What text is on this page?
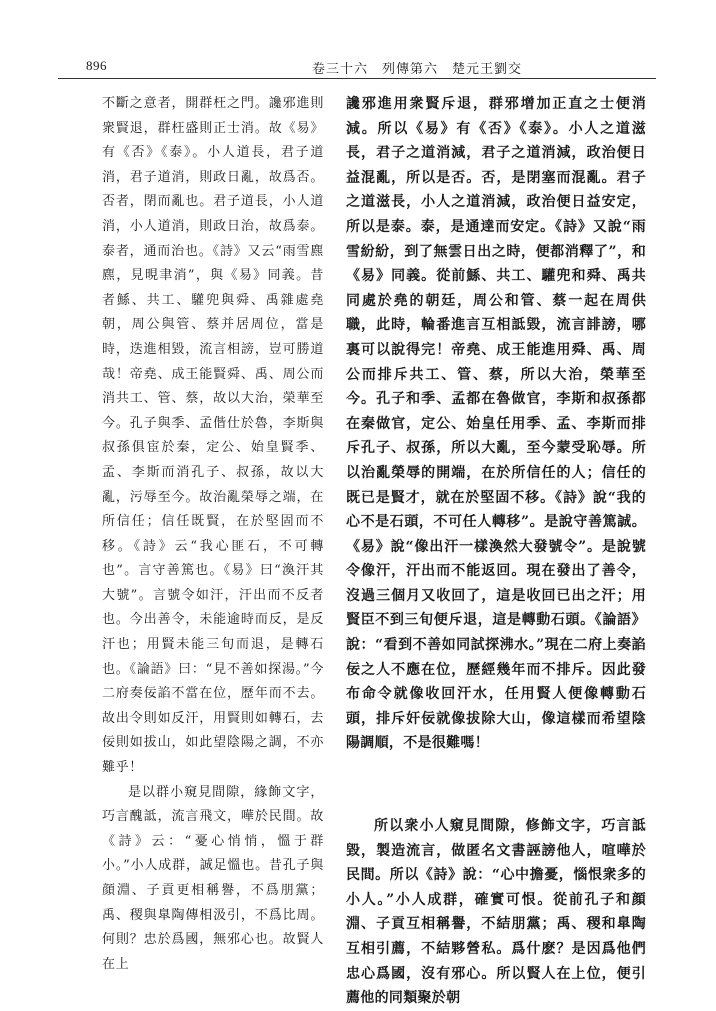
896	卷三十六　列傳第六　楚元王劉交

不斷之意者，開群枉之門。讒邪進則衆賢退，群枉盛則正士消。故《易》有《否》《泰》。小人道長，君子道消，君子道消，則政日亂，故爲否。否者，閉而亂也。君子道長，小人道消，小人道消，則政日治，故爲泰。泰者，通而治也。《詩》又云“雨雪麃麃，見晛聿消”，與《易》同義。昔者鯀、共工、驩兜與舜、禹雜處堯朝，周公與管、蔡并居周位，當是時，迭進相毀，流言相謗，豈可勝道哉！帝堯、成王能賢舜、禹、周公而消共工、管、蔡，故以大治，榮華至今。孔子與季、孟偕仕於魯，李斯與叔孫俱宦於秦，定公、始皇賢季、孟、李斯而消孔子、叔孫，故以大亂，污辱至今。故治亂榮辱之端，在所信任；信任既賢，在於堅固而不移。《詩》云“我心匪石，不可轉也”。言守善篤也。《易》曰“渙汗其大號”。言號令如汗，汗出而不反者也。今出善令，未能逾時而反，是反汗也；用賢未能三旬而退，是轉石也。《論語》曰：“見不善如探湯。”今二府奏佞諂不當在位，歷年而不去。故出令則如反汗，用賢則如轉石，去佞則如拔山，如此望陰陽之調，不亦難乎！

是以群小窺見間隙，緣飾文字，巧言醜詆，流言飛文，嘩於民間。故《詩》云：“憂心悄悄，慍于群小。”小人成群，誠足慍也。昔孔子與顔淵、子貢更相稱譽，不爲朋黨；禹、稷與臯陶傳相汲引，不爲比周。何則？忠於爲國，無邪心也。故賢人在上

讒邪進用衆賢斥退，群邪增加正直之士便消減。所以《易》有《否》《泰》。小人之道滋長，君子之道消減，君子之道消減，政治便日益混亂，所以是否。否，是閉塞而混亂。君子之道滋長，小人之道消減，政治便日益安定，所以是泰。泰，是通達而安定。《詩》又說“雨雪紛紛，到了無雲日出之時，便都消釋了”，和《易》同義。從前鯀、共工、驩兜和舜、禹共同處於堯的朝廷，周公和管、蔡一起在周供職，此時，輪番進言互相詆毀，流言誹謗，哪裏可以說得完！帝堯、成王能進用舜、禹、周公而排斥共工、管、蔡，所以大治，榮華至今。孔子和季、孟都在魯做官，李斯和叔孫都在秦做官，定公、始皇任用季、孟、李斯而排斥孔子、叔孫，所以大亂，至今蒙受恥辱。所以治亂榮辱的開端，在於所信任的人；信任的既已是賢才，就在於堅固不移。《詩》說“我的心不是石頭，不可任人轉移”。是說守善篤誠。《易》說“像出汗一樣渙然大發號令”。是說號令像汗，汗出而不能返回。現在發出了善令，沒過三個月又收回了，這是收回已出之汗；用賢臣不到三旬便斥退，這是轉動石頭。《論語》說：“看到不善如同試探沸水。”現在二府上奏諂佞之人不應在位，歷經幾年而不排斥。因此發布命令就像收回汗水，任用賢人便像轉動石頭，排斥奸佞就像拔除大山，像這樣而希望陰陽調順，不是很難嗎！

所以衆小人窺見間隙，修飾文字，巧言詆毀，製造流言，做匿名文書誣謗他人，喧嘩於民間。所以《詩》說：“心中擔憂，惱恨衆多的小人。”小人成群，確實可恨。從前孔子和顔淵、子貢互相稱譽，不結朋黨；禹、稷和臯陶互相引薦，不結夥營私。爲什麽？是因爲他們忠心爲國，沒有邪心。所以賢人在上位，便引薦他的同類聚於朝
